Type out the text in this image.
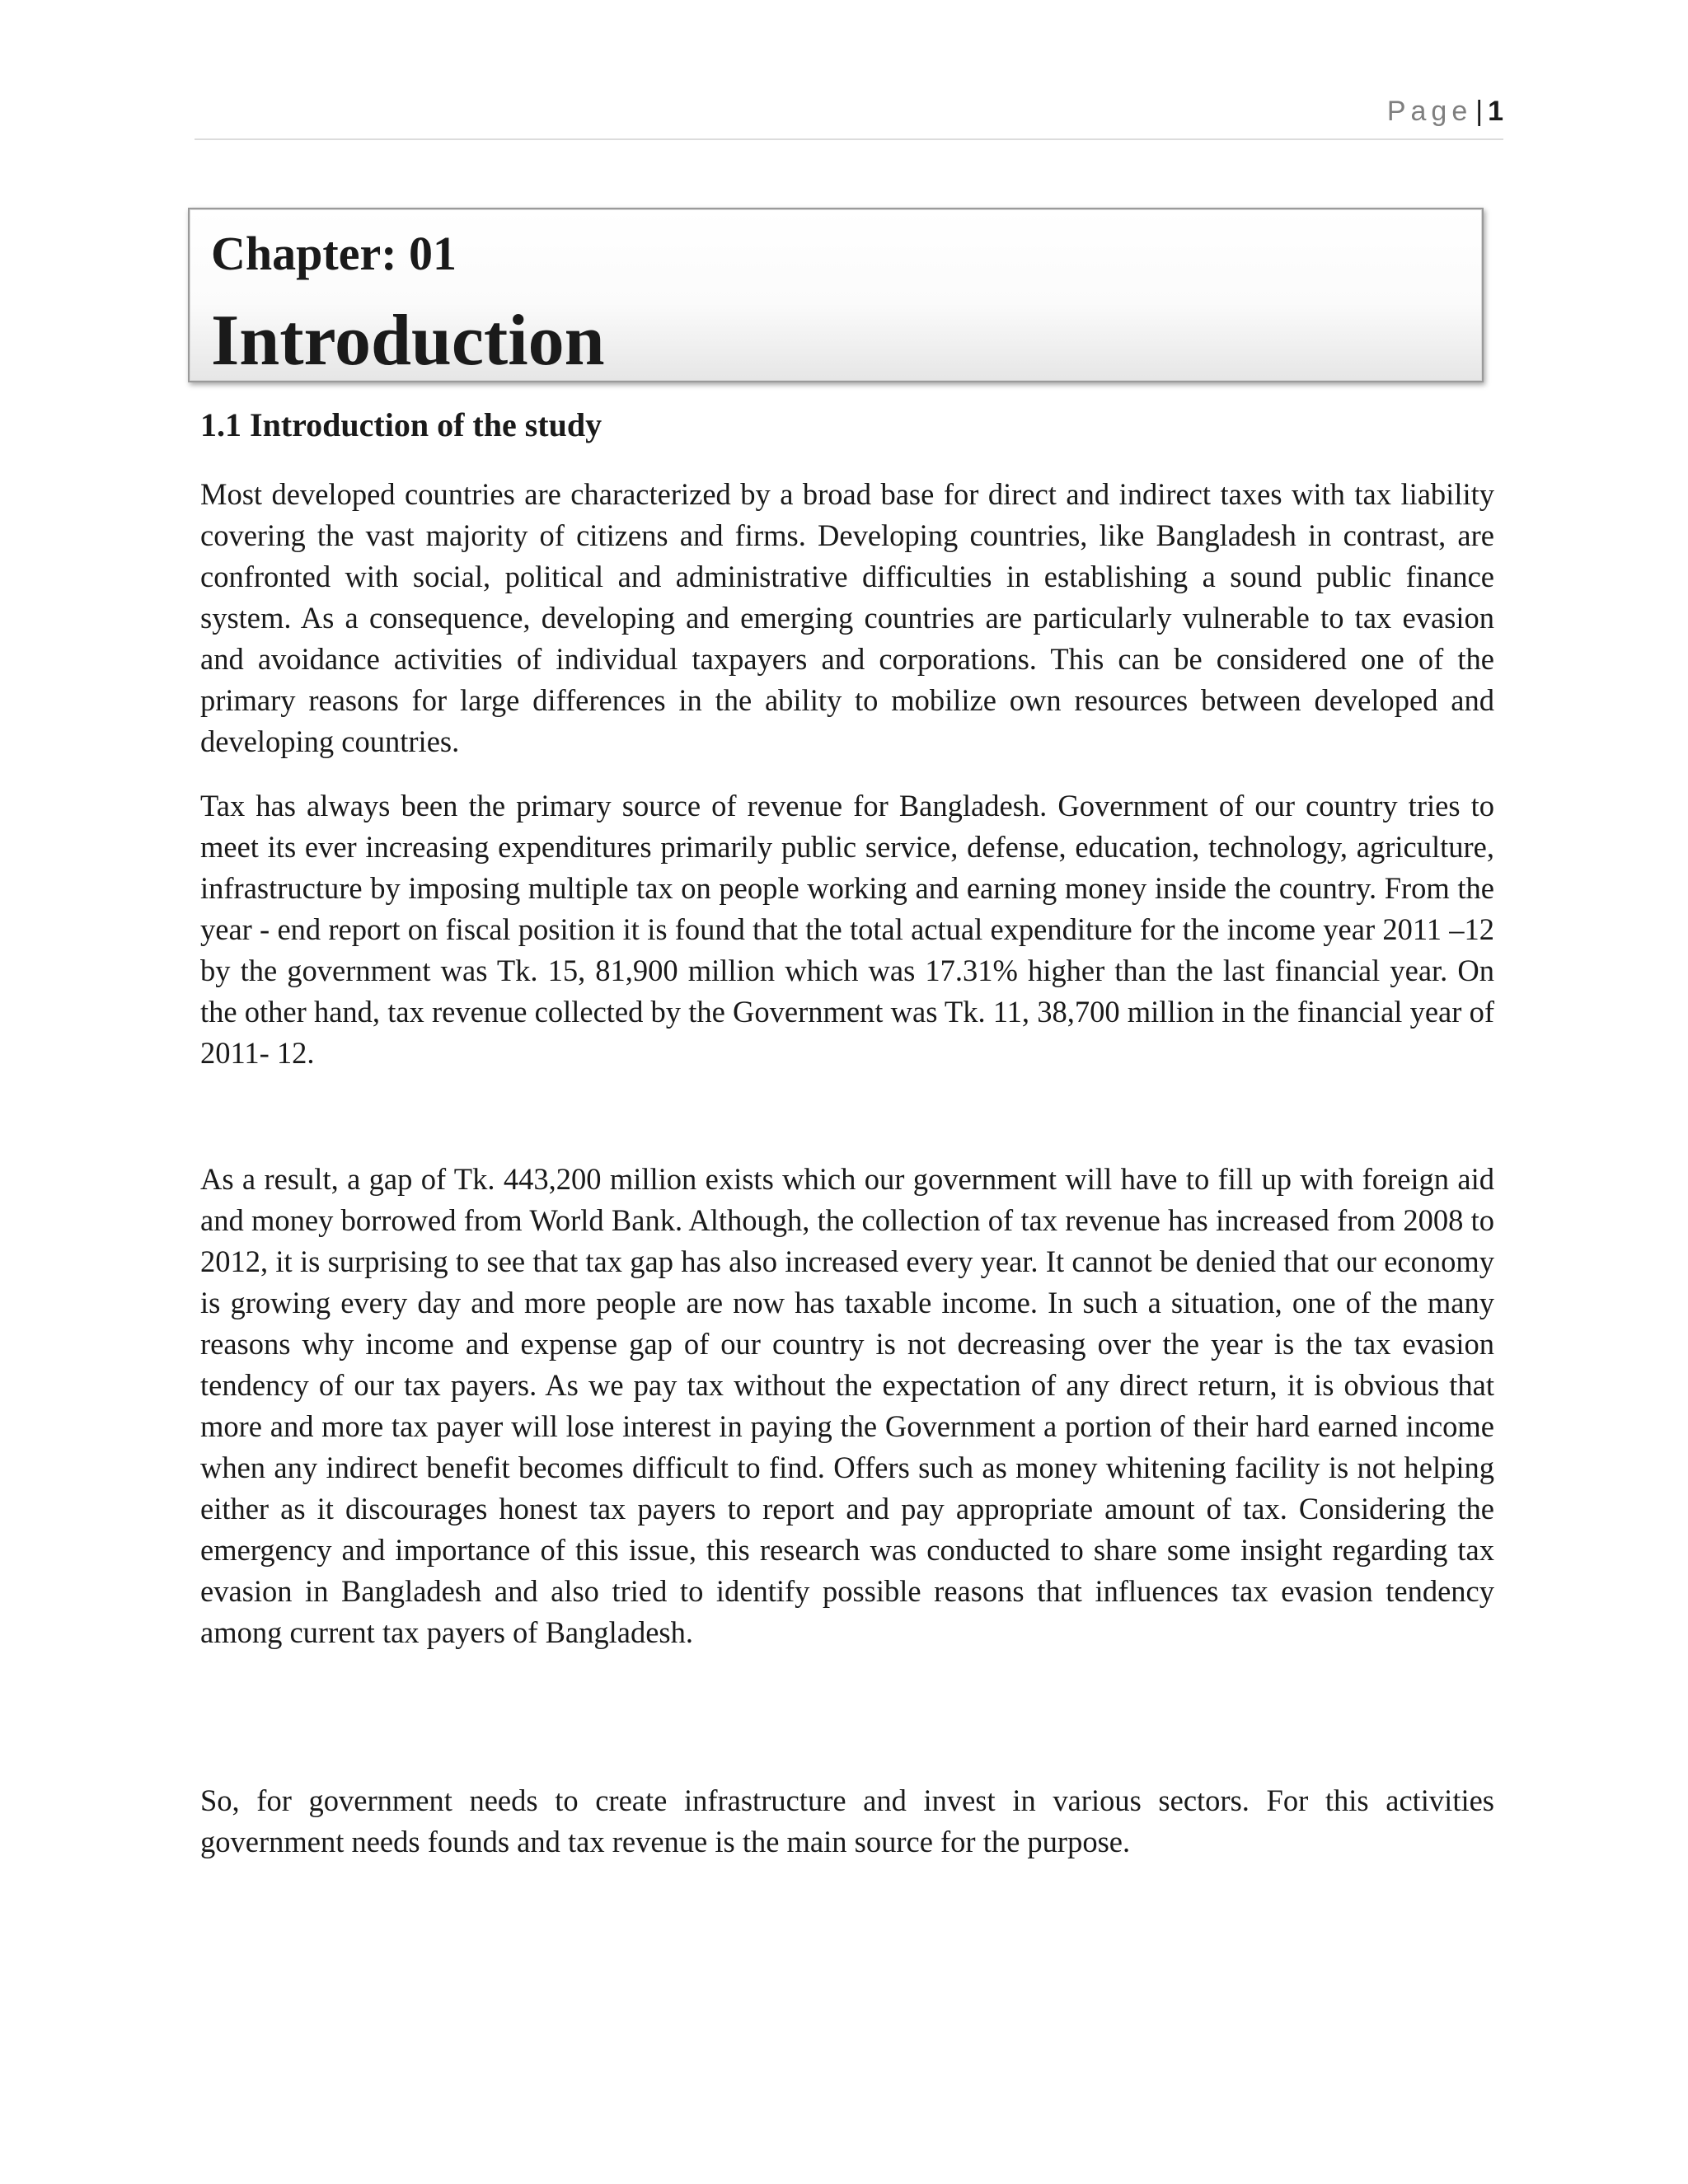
Page | 1
Chapter: 01
Introduction
1.1 Introduction of the study

Most developed countries are characterized by a broad base for direct and indirect taxes with tax liability covering the vast majority of citizens and firms. Developing countries, like Bangladesh in contrast, are confronted with social, political and administrative difficulties in establishing a sound public finance system. As a consequence, developing and emerging countries are particularly vulnerable to tax evasion and avoidance activities of individual taxpayers and corporations. This can be considered one of the primary reasons for large differences in the ability to mobilize own resources between developed and developing countries.

Tax has always been the primary source of revenue for Bangladesh. Government of our country tries to meet its ever increasing expenditures primarily public service, defense, education, technology, agriculture, infrastructure by imposing multiple tax on people working and earning money inside the country. From the year - end report on fiscal position it is found that the total actual expenditure for the income year 2011 –12 by the government was Tk. 15, 81,900 million which was 17.31% higher than the last financial year. On the other hand, tax revenue collected by the Government was Tk. 11, 38,700 million in the financial year of 2011- 12.

As a result, a gap of Tk. 443,200 million exists which our government will have to fill up with foreign aid and money borrowed from World Bank. Although, the collection of tax revenue has increased from 2008 to 2012, it is surprising to see that tax gap has also increased every year. It cannot be denied that our economy is growing every day and more people are now has taxable income. In such a situation, one of the many reasons why income and expense gap of our country is not decreasing over the year is the tax evasion tendency of our tax payers. As we pay tax without the expectation of any direct return, it is obvious that more and more tax payer will lose interest in paying the Government a portion of their hard earned income when any indirect benefit becomes difficult to find. Offers such as money whitening facility is not helping either as it discourages honest tax payers to report and pay appropriate amount of tax. Considering the emergency and importance of this issue, this research was conducted to share some insight regarding tax evasion in Bangladesh and also tried to identify possible reasons that influences tax evasion tendency among current tax payers of Bangladesh.

So, for government needs to create infrastructure and invest in various sectors. For this activities government needs founds and tax revenue is the main source for the purpose.
